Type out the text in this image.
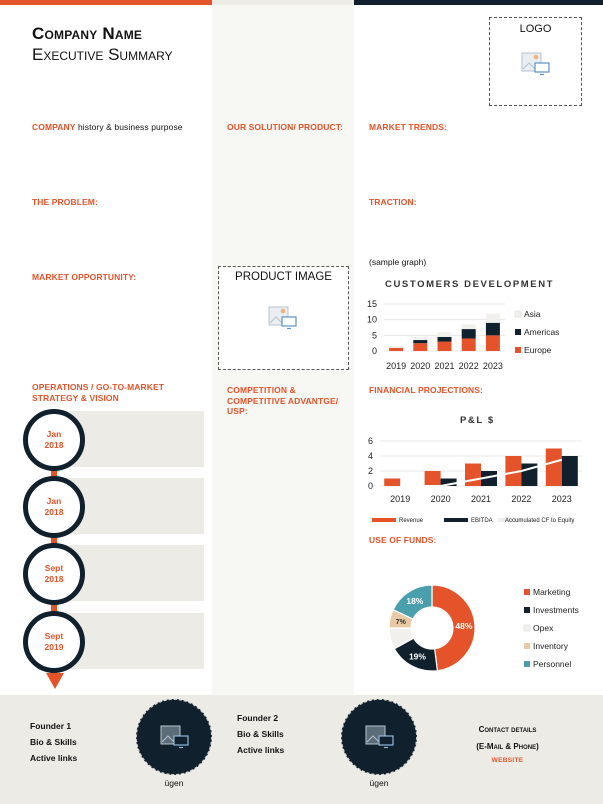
Company Name
Executive Summary
LOGO
COMPANY history & business purpose
THE PROBLEM:
MARKET OPPORTUNITY:
OPERATIONS / GO-TO-MARKET
STRATEGY & VISION
Jan
2018
Jan
2018
Sept
2018
Sept
2019
OUR SOLUTION/ PRODUCT:
PRODUCT IMAGE
COMPETITION &
COMPETITIVE ADVANTGE/
USP:
MARKET TRENDS:
TRACTION:
(sample graph)
CUSTOMERS DEVELOPMENT
0
5
10
15
2019 2020 2021 2022 2023
Asia
Americas
Europe
FINANCIAL PROJECTIONS:
P&L $
0
2
4
6
2019 2020 2021 2022 2023
Revenue	EBITDA Accumulated CF to Equity
USE OF FUNDS:
48%
19%
7%
18%
Marketing
Investments
Opex
Inventory
Personnel
Founder 1
Bio & Skills
Active links
ügen
Founder 2
Bio & Skills
Active links
ügen
Contact details
(E-Mail & Phone)
WEBSITE
